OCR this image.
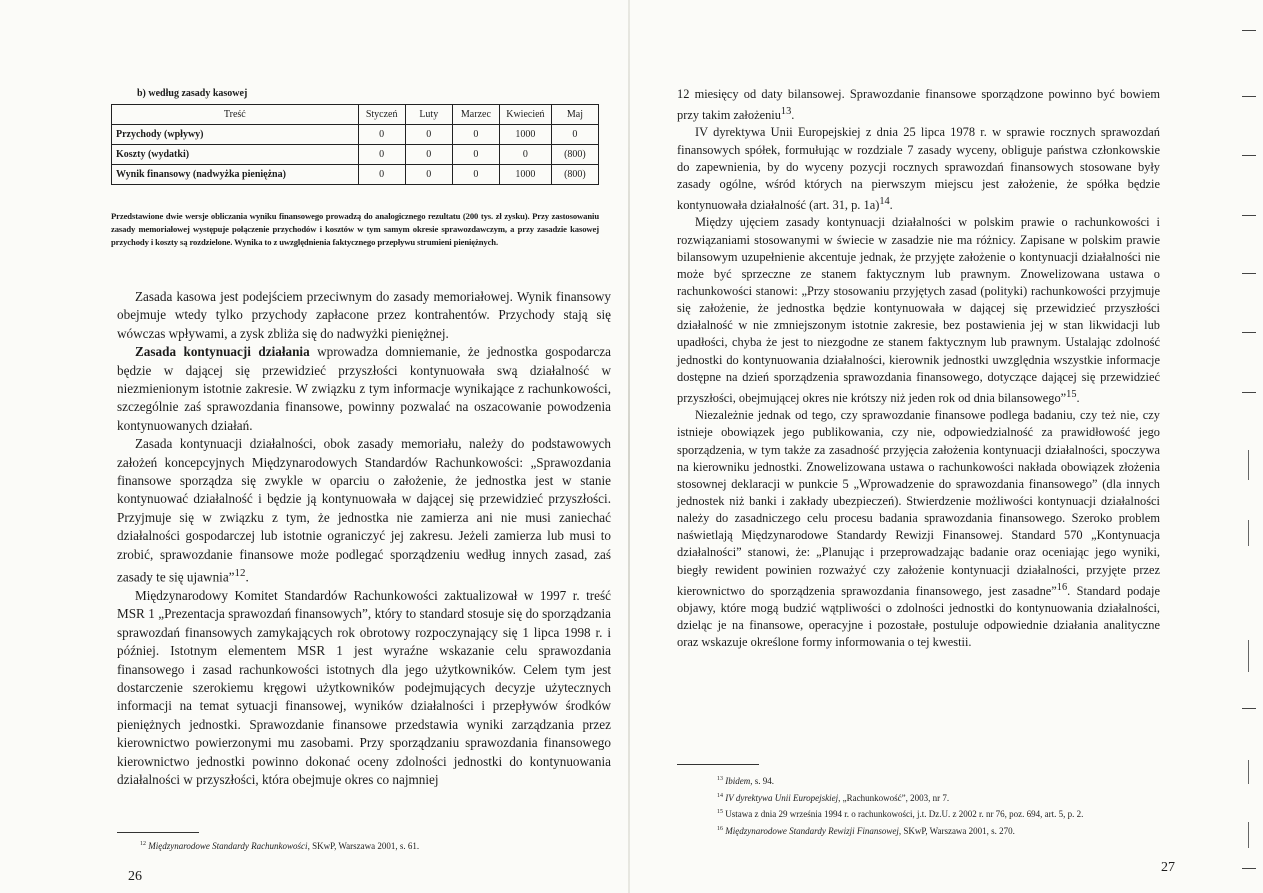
b) według zasady kasowej
Treść	Styczeń	Luty	Marzec	Kwiecień	Maj
Przychody (wpływy)	0	0	0	1000	0
Koszty (wydatki)	0	0	0	0	(800)
Wynik finansowy (nadwyżka pieniężna)	0	0	0	1000	(800)
Przedstawione dwie wersje obliczania wyniku finansowego prowadzą do analogicznego rezultatu (200 tys. zł zysku). Przy zastosowaniu zasady memoriałowej występuje połączenie przychodów i kosztów w tym samym okresie sprawozdawczym, a przy zasadzie kasowej przychody i koszty są rozdzielone. Wynika to z uwzględnienia faktycznego przepływu strumieni pieniężnych.

Zasada kasowa jest podejściem przeciwnym do zasady memoriałowej. Wynik finansowy obejmuje wtedy tylko przychody zapłacone przez kontrahentów. Przychody stają się wówczas wpływami, a zysk zbliża się do nadwyżki pieniężnej.

Zasada kontynuacji działania wprowadza domniemanie, że jednostka gospodarcza będzie w dającej się przewidzieć przyszłości kontynuowała swą działalność w niezmienionym istotnie zakresie. W związku z tym informacje wynikające z rachunkowości, szczególnie zaś sprawozdania finansowe, powinny pozwalać na oszacowanie powodzenia kontynuowanych działań.

Zasada kontynuacji działalności, obok zasady memoriału, należy do podstawowych założeń koncepcyjnych Międzynarodowych Standardów Rachunkowości: „Sprawozdania finansowe sporządza się zwykle w oparciu o założenie, że jednostka jest w stanie kontynuować działalność i będzie ją kontynuowała w dającej się przewidzieć przyszłości. Przyjmuje się w związku z tym, że jednostka nie zamierza ani nie musi zaniechać działalności gospodarczej lub istotnie ograniczyć jej zakresu. Jeżeli zamierza lub musi to zrobić, sprawozdanie finansowe może podlegać sporządzeniu według innych zasad, zaś zasady te się ujawnia”$^{12}$.

Międzynarodowy Komitet Standardów Rachunkowości zaktualizował w 1997 r. treść MSR 1 „Prezentacja sprawozdań finansowych”, który to standard stosuje się do sporządzania sprawozdań finansowych zamykających rok obrotowy rozpoczynający się 1 lipca 1998 r. i później. Istotnym elementem MSR 1 jest wyraźne wskazanie celu sprawozdania finansowego i zasad rachunkowości istotnych dla jego użytkowników. Celem tym jest dostarczenie szerokiemu kręgowi użytkowników podejmujących decyzje użytecznych informacji na temat sytuacji finansowej, wyników działalności i przepływów środków pieniężnych jednostki. Sprawozdanie finansowe przedstawia wyniki zarządzania przez kierownictwo powierzonymi mu zasobami. Przy sporządzaniu sprawozdania finansowego kierownictwo jednostki powinno dokonać oceny zdolności jednostki do kontynuowania działalności w przyszłości, która obejmuje okres co najmniej

$^{12}$ Międzynarodowe Standardy Rachunkowości, SKwP, Warszawa 2001, s. 61.

26

12 miesięcy od daty bilansowej. Sprawozdanie finansowe sporządzone powinno być bowiem przy takim założeniu$^{13}$.

IV dyrektywa Unii Europejskiej z dnia 25 lipca 1978 r. w sprawie rocznych sprawozdań finansowych spółek, formułując w rozdziale 7 zasady wyceny, obliguje państwa członkowskie do zapewnienia, by do wyceny pozycji rocznych sprawozdań finansowych stosowane były zasady ogólne, wśród których na pierwszym miejscu jest założenie, że spółka będzie kontynuowała działalność (art. 31, p. 1a)$^{14}$.

Między ujęciem zasady kontynuacji działalności w polskim prawie o rachunkowości i rozwiązaniami stosowanymi w świecie w zasadzie nie ma różnicy. Zapisane w polskim prawie bilansowym uzupełnienie akcentuje jednak, że przyjęte założenie o kontynuacji działalności nie może być sprzeczne ze stanem faktycznym lub prawnym. Znowelizowana ustawa o rachunkowości stanowi: „Przy stosowaniu przyjętych zasad (polityki) rachunkowości przyjmuje się założenie, że jednostka będzie kontynuowała w dającej się przewidzieć przyszłości działalność w nie zmniejszonym istotnie zakresie, bez postawienia jej w stan likwidacji lub upadłości, chyba że jest to niezgodne ze stanem faktycznym lub prawnym. Ustalając zdolność jednostki do kontynuowania działalności, kierownik jednostki uwzględnia wszystkie informacje dostępne na dzień sporządzenia sprawozdania finansowego, dotyczące dającej się przewidzieć przyszłości, obejmującej okres nie krótszy niż jeden rok od dnia bilansowego”$^{15}$.

Niezależnie jednak od tego, czy sprawozdanie finansowe podlega badaniu, czy też nie, czy istnieje obowiązek jego publikowania, czy nie, odpowiedzialność za prawidłowość jego sporządzenia, w tym także za zasadność przyjęcia założenia kontynuacji działalności, spoczywa na kierowniku jednostki. Znowelizowana ustawa o rachunkowości nakłada obowiązek złożenia stosownej deklaracji w punkcie 5 „Wprowadzenie do sprawozdania finansowego” (dla innych jednostek niż banki i zakłady ubezpieczeń). Stwierdzenie możliwości kontynuacji działalności należy do zasadniczego celu procesu badania sprawozdania finansowego. Szeroko problem naświetlają Międzynarodowe Standardy Rewizji Finansowej. Standard 570 „Kontynuacja działalności” stanowi, że: „Planując i przeprowadzając badanie oraz oceniając jego wyniki, biegły rewident powinien rozważyć czy założenie kontynuacji działalności, przyjęte przez kierownictwo do sporządzenia sprawozdania finansowego, jest zasadne”$^{16}$. Standard podaje objawy, które mogą budzić wątpliwości o zdolności jednostki do kontynuowania działalności, dzieląc je na finansowe, operacyjne i pozostałe, postuluje odpowiednie działania analityczne oraz wskazuje określone formy informowania o tej kwestii.

$^{13}$ Ibidem, s. 94.

$^{14}$ IV dyrektywa Unii Europejskiej, „Rachunkowość”, 2003, nr 7.

$^{15}$ Ustawa z dnia 29 września 1994 r. o rachunkowości, j.t. Dz.U. z 2002 r. nr 76, poz. 694, art. 5, p. 2.

$^{16}$ Międzynarodowe Standardy Rewizji Finansowej, SKwP, Warszawa 2001, s. 270.

27
